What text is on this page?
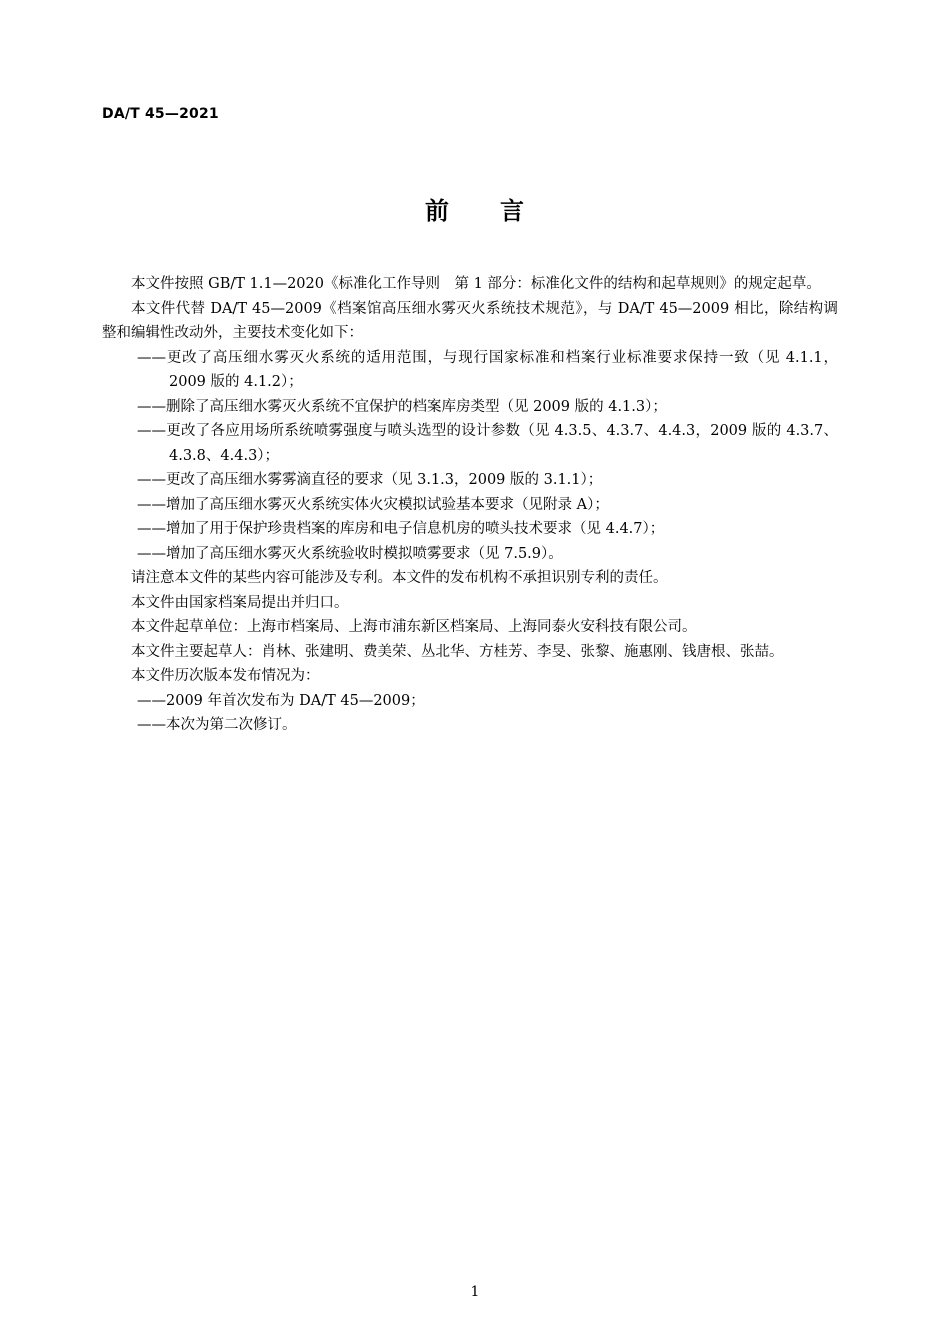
DA/T 45—2021
前　　言

本文件按照 GB/T 1.1—2020《标准化工作导则　第 1 部分：标准化文件的结构和起草规则》的规定起草。

本文件代替 DA/T 45—2009《档案馆高压细水雾灭火系统技术规范》，与 DA/T 45—2009 相比，除结构调整和编辑性改动外，主要技术变化如下：

——更改了高压细水雾灭火系统的适用范围，与现行国家标准和档案行业标准要求保持一致（见 4.1.1，2009 版的 4.1.2）；

——删除了高压细水雾灭火系统不宜保护的档案库房类型（见 2009 版的 4.1.3）；

——更改了各应用场所系统喷雾强度与喷头选型的设计参数（见 4.3.5、4.3.7、4.4.3，2009 版的 4.3.7、4.3.8、4.4.3）；

——更改了高压细水雾雾滴直径的要求（见 3.1.3，2009 版的 3.1.1）；

——增加了高压细水雾灭火系统实体火灾模拟试验基本要求（见附录 A）；

——增加了用于保护珍贵档案的库房和电子信息机房的喷头技术要求（见 4.4.7）；

——增加了高压细水雾灭火系统验收时模拟喷雾要求（见 7.5.9）。

请注意本文件的某些内容可能涉及专利。本文件的发布机构不承担识别专利的责任。

本文件由国家档案局提出并归口。

本文件起草单位：上海市档案局、上海市浦东新区档案局、上海同泰火安科技有限公司。

本文件主要起草人：肖林、张建明、费美荣、丛北华、方桂芳、李旻、张黎、施惠刚、钱唐根、张喆。

本文件历次版本发布情况为：

——2009 年首次发布为 DA/T 45—2009；

——本次为第二次修订。

1
